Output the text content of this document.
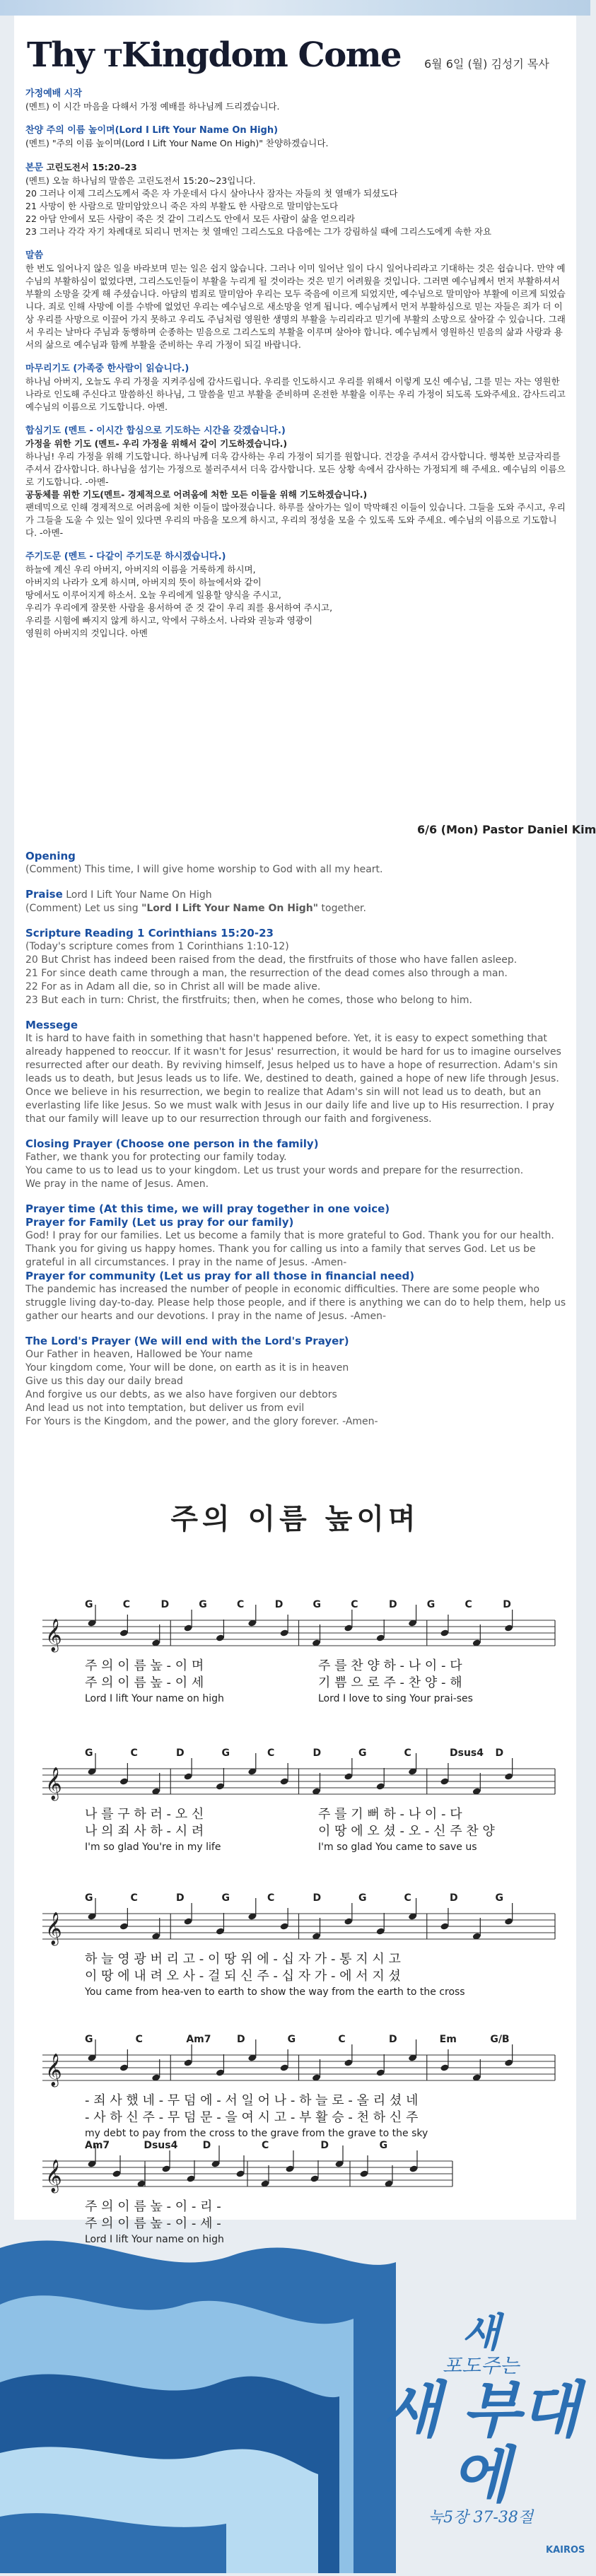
Thy TKingdom Come 6월 6일 (월) 김성기 목사

가정예배 시작

(멘트) 이 시간 마음을 다해서 가정 예배를 하나님께 드리겠습니다.

찬양 주의 이름 높이며(Lord I Lift Your Name On High)

(멘트) "주의 이름 높이며(Lord I Lift Your Name On High)" 찬양하겠습니다.

본문 고린도전서 15:20–23

(멘트) 오늘 하나님의 말씀은 고린도전서 15:20~23입니다.
20 그러나 이제 그리스도께서 죽은 자 가운데서 다시 살아나사 잠자는 자들의 첫 열매가 되셨도다
21 사망이 한 사람으로 말미암았으니 죽은 자의 부활도 한 사람으로 말미암는도다
22 아담 안에서 모든 사람이 죽은 것 같이 그리스도 안에서 모든 사람이 삶을 얻으리라
23 그러나 각각 자기 차례대로 되리니 먼저는 첫 열매인 그리스도요 다음에는 그가 강림하실 때에 그리스도에게 속한 자요

말씀

한 번도 일어나지 않은 일을 바라보며 믿는 일은 쉽지 않습니다. 그러나 이미 일어난 일이 다시 일어나리라고 기대하는 것은 쉽습니다. 만약 예수님의 부활하심이 없었다면, 그리스도인들이 부활을 누리게 될 것이라는 것은 믿기 어려웠을 것입니다. 그러면 예수님께서 먼저 부활하셔서 부활의 소망을 갖게 해 주셨습니다. 아담의 범죄로 말미암아 우리는 모두 죽음에 이르게 되었지만, 예수님으로 말미암아 부활에 이르게 되었습니다. 죄로 인해 사망에 이를 수밖에 없었던 우리는 예수님으로 새소망을 얻게 됩니다. 예수님께서 먼저 부활하심으로 믿는 자들은 죄가 더 이상 우리를 사망으로 이끌어 가지 못하고 우리도 주님처럼 영원한 생명의 부활을 누리리라고 믿기에 부활의 소망으로 살아갈 수 있습니다. 그래서 우리는 날마다 주님과 동행하며 순종하는 믿음으로 그리스도의 부활을 이루며 살아야 합니다. 예수님께서 영원하신 믿음의 삶과 사랑과 용서의 삶으로 예수님과 함께 부활을 준비하는 우리 가정이 되길 바랍니다.

마무리기도 (가족중 한사람이 읽습니다.)

하나님 아버지, 오늘도 우리 가정을 지켜주심에 감사드립니다. 우리를 인도하시고 우리를 위해서 이렇게 모신 예수님, 그를 믿는 자는 영원한 나라로 인도해 주신다고 말씀하신 하나님, 그 말씀을 믿고 부활을 준비하며 온전한 부활을 이루는 우리 가정이 되도록 도와주세요. 감사드리고 예수님의 이름으로 기도합니다. 아멘.

합심기도 (멘트 - 이시간 합심으로 기도하는 시간을 갖겠습니다.)

가정을 위한 기도 (멘트- 우리 가정을 위해서 같이 기도하겠습니다.)

하나님! 우리 가정을 위해 기도합니다. 하나님께 더욱 감사하는 우리 가정이 되기를 원합니다. 건강을 주셔서 감사합니다. 행복한 보금자리를 주셔서 감사합니다. 하나님을 섬기는 가정으로 불러주셔서 더욱 감사합니다. 모든 상황 속에서 감사하는 가정되게 해 주세요. 예수님의 이름으로 기도합니다. -아멘-

공동체를 위한 기도(멘트- 경제적으로 어려움에 처한 모든 이들을 위해 기도하겠습니다.)

팬데믹으로 인해 경제적으로 어려움에 처한 이들이 많아졌습니다. 하루를 살아가는 일이 막막해진 이들이 있습니다. 그들을 도와 주시고, 우리가 그들을 도울 수 있는 일이 있다면 우리의 마음을 모으게 하시고, 우리의 정성을 모을 수 있도록 도와 주세요. 예수님의 이름으로 기도합니다. -아멘-

주기도문 (멘트 - 다같이 주기도문 하시겠습니다.)

하늘에 계신 우리 아버지, 아버지의 이름을 거룩하게 하시며,
아버지의 나라가 오게 하시며, 아버지의 뜻이 하늘에서와 같이
땅에서도 이루어지게 하소서. 오늘 우리에게 일용할 양식을 주시고,
우리가 우리에게 잘못한 사람을 용서하여 준 것 같이 우리 죄를 용서하여 주시고,
우리를 시험에 빠지지 않게 하시고, 악에서 구하소서. 나라와 권능과 영광이
영원히 아버지의 것입니다. 아멘
6/6 (Mon) Pastor Daniel Kim

Opening

(Comment) This time, I will give home worship to God with all my heart.

Praise Lord I Lift Your Name On High

(Comment) Let us sing "Lord I Lift Your Name On High" together.

Scripture Reading 1 Corinthians 15:20-23

(Today's scripture comes from 1 Corinthians 1:10-12)
20 But Christ has indeed been raised from the dead, the firstfruits of those who have fallen asleep.
21 For since death came through a man, the resurrection of the dead comes also through a man.
22 For as in Adam all die, so in Christ all will be made alive.
23 But each in turn: Christ, the firstfruits; then, when he comes, those who belong to him.

Messege

It is hard to have faith in something that hasn't happened before. Yet, it is easy to expect something that already happened to reoccur. If it wasn't for Jesus' resurrection, it would be hard for us to imagine ourselves resurrected after our death. By reviving himself, Jesus helped us to have a hope of resurrection. Adam's sin leads us to death, but Jesus leads us to life. We, destined to death, gained a hope of new life through Jesus. Once we believe in his resurrection, we begin to realize that Adam's sin will not lead us to death, but an everlasting life like Jesus. So we must walk with Jesus in our daily life and live up to His resurrection. I pray that our family will leave up to our resurrection through our faith and forgiveness.

Closing Prayer (Choose one person in the family)

Father, we thank you for protecting our family today.
You came to us to lead us to your kingdom. Let us trust your words and prepare for the resurrection.
We pray in the name of Jesus. Amen.

Prayer time (At this time, we will pray together in one voice)

Prayer for Family (Let us pray for our family)

God! I pray for our families. Let us become a family that is more grateful to God. Thank you for our health. Thank you for giving us happy homes. Thank you for calling us into a family that serves God. Let us be grateful in all circumstances. I pray in the name of Jesus. -Amen-

Prayer for community (Let us pray for all those in financial need)

The pandemic has increased the number of people in economic difficulties. There are some people who struggle living day-to-day. Please help those people, and if there is anything we can do to help them, help us gather our hearts and our devotions. I pray in the name of Jesus. -Amen-

The Lord's Prayer (We will end with the Lord's Prayer)

Our Father in heaven, Hallowed be Your name
Your kingdom come, Your will be done, on earth as it is in heaven
Give us this day our daily bread
And forgive us our debts, as we also have forgiven our debtors
And lead us not into temptation, but deliver us from evil
For Yours is the Kingdom, and the power, and the glory forever. -Amen-
주의 이름 높이며
G	C	D	G	C	D	G	C	D	G	C	D
𝄞
주 의 이 름 높 - 이 며
주 의 이 름 높 - 이 세
주 를 찬 양 하 - 나 이 - 다
기 쁨 으 로 주 - 찬 양 - 해
Lord I lift Your name on high	Lord I love to sing Your prai-ses
G	C	D	G	C	D	G	C	Dsus4 D
𝄞
나 를 구 하 러 - 오 신
나 의 죄 사 하 - 시 려
주 를 기 뻐 하 - 나 이 - 다
이 땅 에 오 셨 - 오 - 신 주 찬 양
I'm so glad You're in my life	I'm so glad You came to save us
G	C	D	G	C	D	G	C	D	G
𝄞
하 늘 영 광 버 리 고 - 이 땅 위 에 - 십 자 가 - 통 지 시 고
이 땅 에 내 려 오 사 - 걸 되 신 주 - 십 자 가 - 에 서 지 셨
You came from hea-ven to earth to show the way from the earth to the cross
G	C	Am7	D	G	C	D	Em	G/B
𝄞
- 죄 사 했 네 - 무 덤 에 - 서 일 어 나 - 하 늘 로 - 올 리 셨 네
- 사 하 신 주 - 무 덤 문 - 을 여 시 고 - 부 활 승 - 천 하 신 주
my debt to pay from the cross to the grave from the grave to the sky
Am7	Dsus4	D	C	D	G
𝄞
주 의 이 름 높 - 이 - 리 -
주 의 이 름 높 - 이 - 세 -
Lord I lift Your name on high
새
포도주는
새 부대에
눅5장 37-38절
KAIROS
